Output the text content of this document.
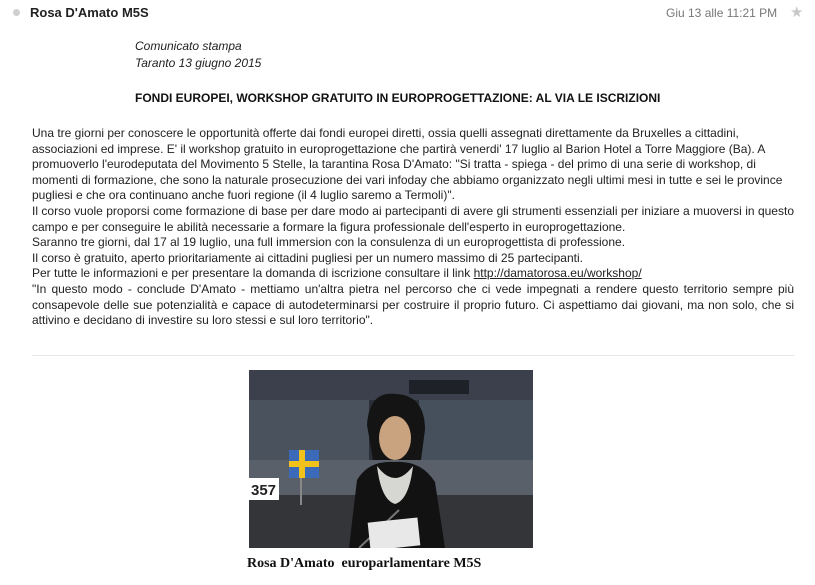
Rosa D'Amato M5S	Giu 13 alle 11:21 PM ★
Comunicato stampa
Taranto 13 giugno 2015
FONDI EUROPEI, WORKSHOP GRATUITO IN EUROPROGETTAZIONE: AL VIA LE ISCRIZIONI

Una tre giorni per conoscere le opportunità offerte dai fondi europei diretti, ossia quelli assegnati direttamente da Bruxelles a cittadini, associazioni ed imprese. E' il workshop gratuito in europrogettazione che partirà venerdi' 17 luglio al Barion Hotel a Torre Maggiore (Ba). A promuoverlo l'eurodeputata del Movimento 5 Stelle, la tarantina Rosa D'Amato: "Si tratta - spiega - del primo di una serie di workshop, di momenti di formazione, che sono la naturale prosecuzione dei vari infoday che abbiamo organizzato negli ultimi mesi in tutte e sei le province pugliesi e che ora continuano anche fuori regione (il 4 luglio saremo a Termoli)".

Il corso vuole proporsi come formazione di base per dare modo ai partecipanti di avere gli strumenti essenziali per iniziare a muoversi in questo campo e per conseguire le abilità necessarie a formare la figura professionale dell'esperto in europrogettazione.

Saranno tre giorni, dal 17 al 19 luglio, una full immersion con la consulenza di un europrogettista di professione.

Il corso è gratuito, aperto prioritariamente ai cittadini pugliesi per un numero massimo di 25 partecipanti.

Per tutte le informazioni e per presentare la domanda di iscrizione consultare il link http://damatorosa.eu/workshop/

"In questo modo - conclude D'Amato - mettiamo un'altra pietra nel percorso che ci vede impegnati a rendere questo territorio sempre più consapevole delle sue potenzialità e capace di autodeterminarsi per costruire il proprio futuro. Ci aspettiamo dai giovani, ma non solo, che si attivino e decidano di investire su loro stessi e sul loro territorio".

357
Rosa D'Amato  europarlamentare M5S
